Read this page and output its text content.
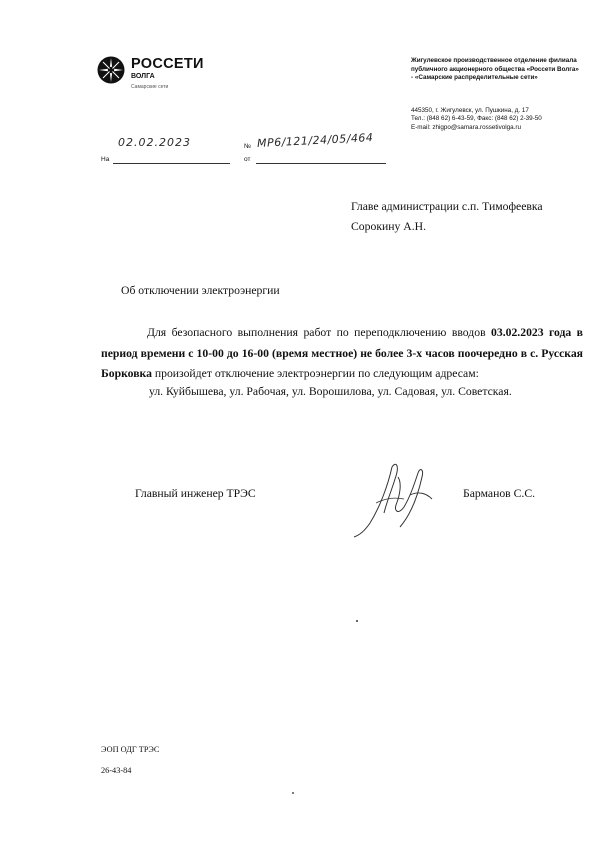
РОССЕТИ
ВОЛГА
Самарские сети
Жигулевское производственное отделение филиала публичного акционерного общества «Россети Волга» - «Самарские распределительные сети»
445350, г. Жигулевск, ул. Пушкина, д. 17
Тел.: (848 62) 6-43-59, Факс: (848 62) 2-39-50
E-mail: zhigpo@samara.rossetivolga.ru
02.02.2023	№ МР6/121/24/05/464
На	от
Главе администрации с.п. Тимофеевка
Сорокину А.Н.
Об отключении электроэнергии
Для безопасного выполнения работ по переподключению вводов 03.02.2023 года в период времени с 10-00 до 16-00 (время местное) не более 3-х часов поочередно в с. Русская Борковка произойдет отключение электроэнергии по следующим адресам:
ул. Куйбышева, ул. Рабочая, ул. Ворошилова, ул. Садовая, ул. Советская.
Главный инженер ТРЭС	Барманов С.С.
ЭОП ОДГ ТРЭС
26-43-84
